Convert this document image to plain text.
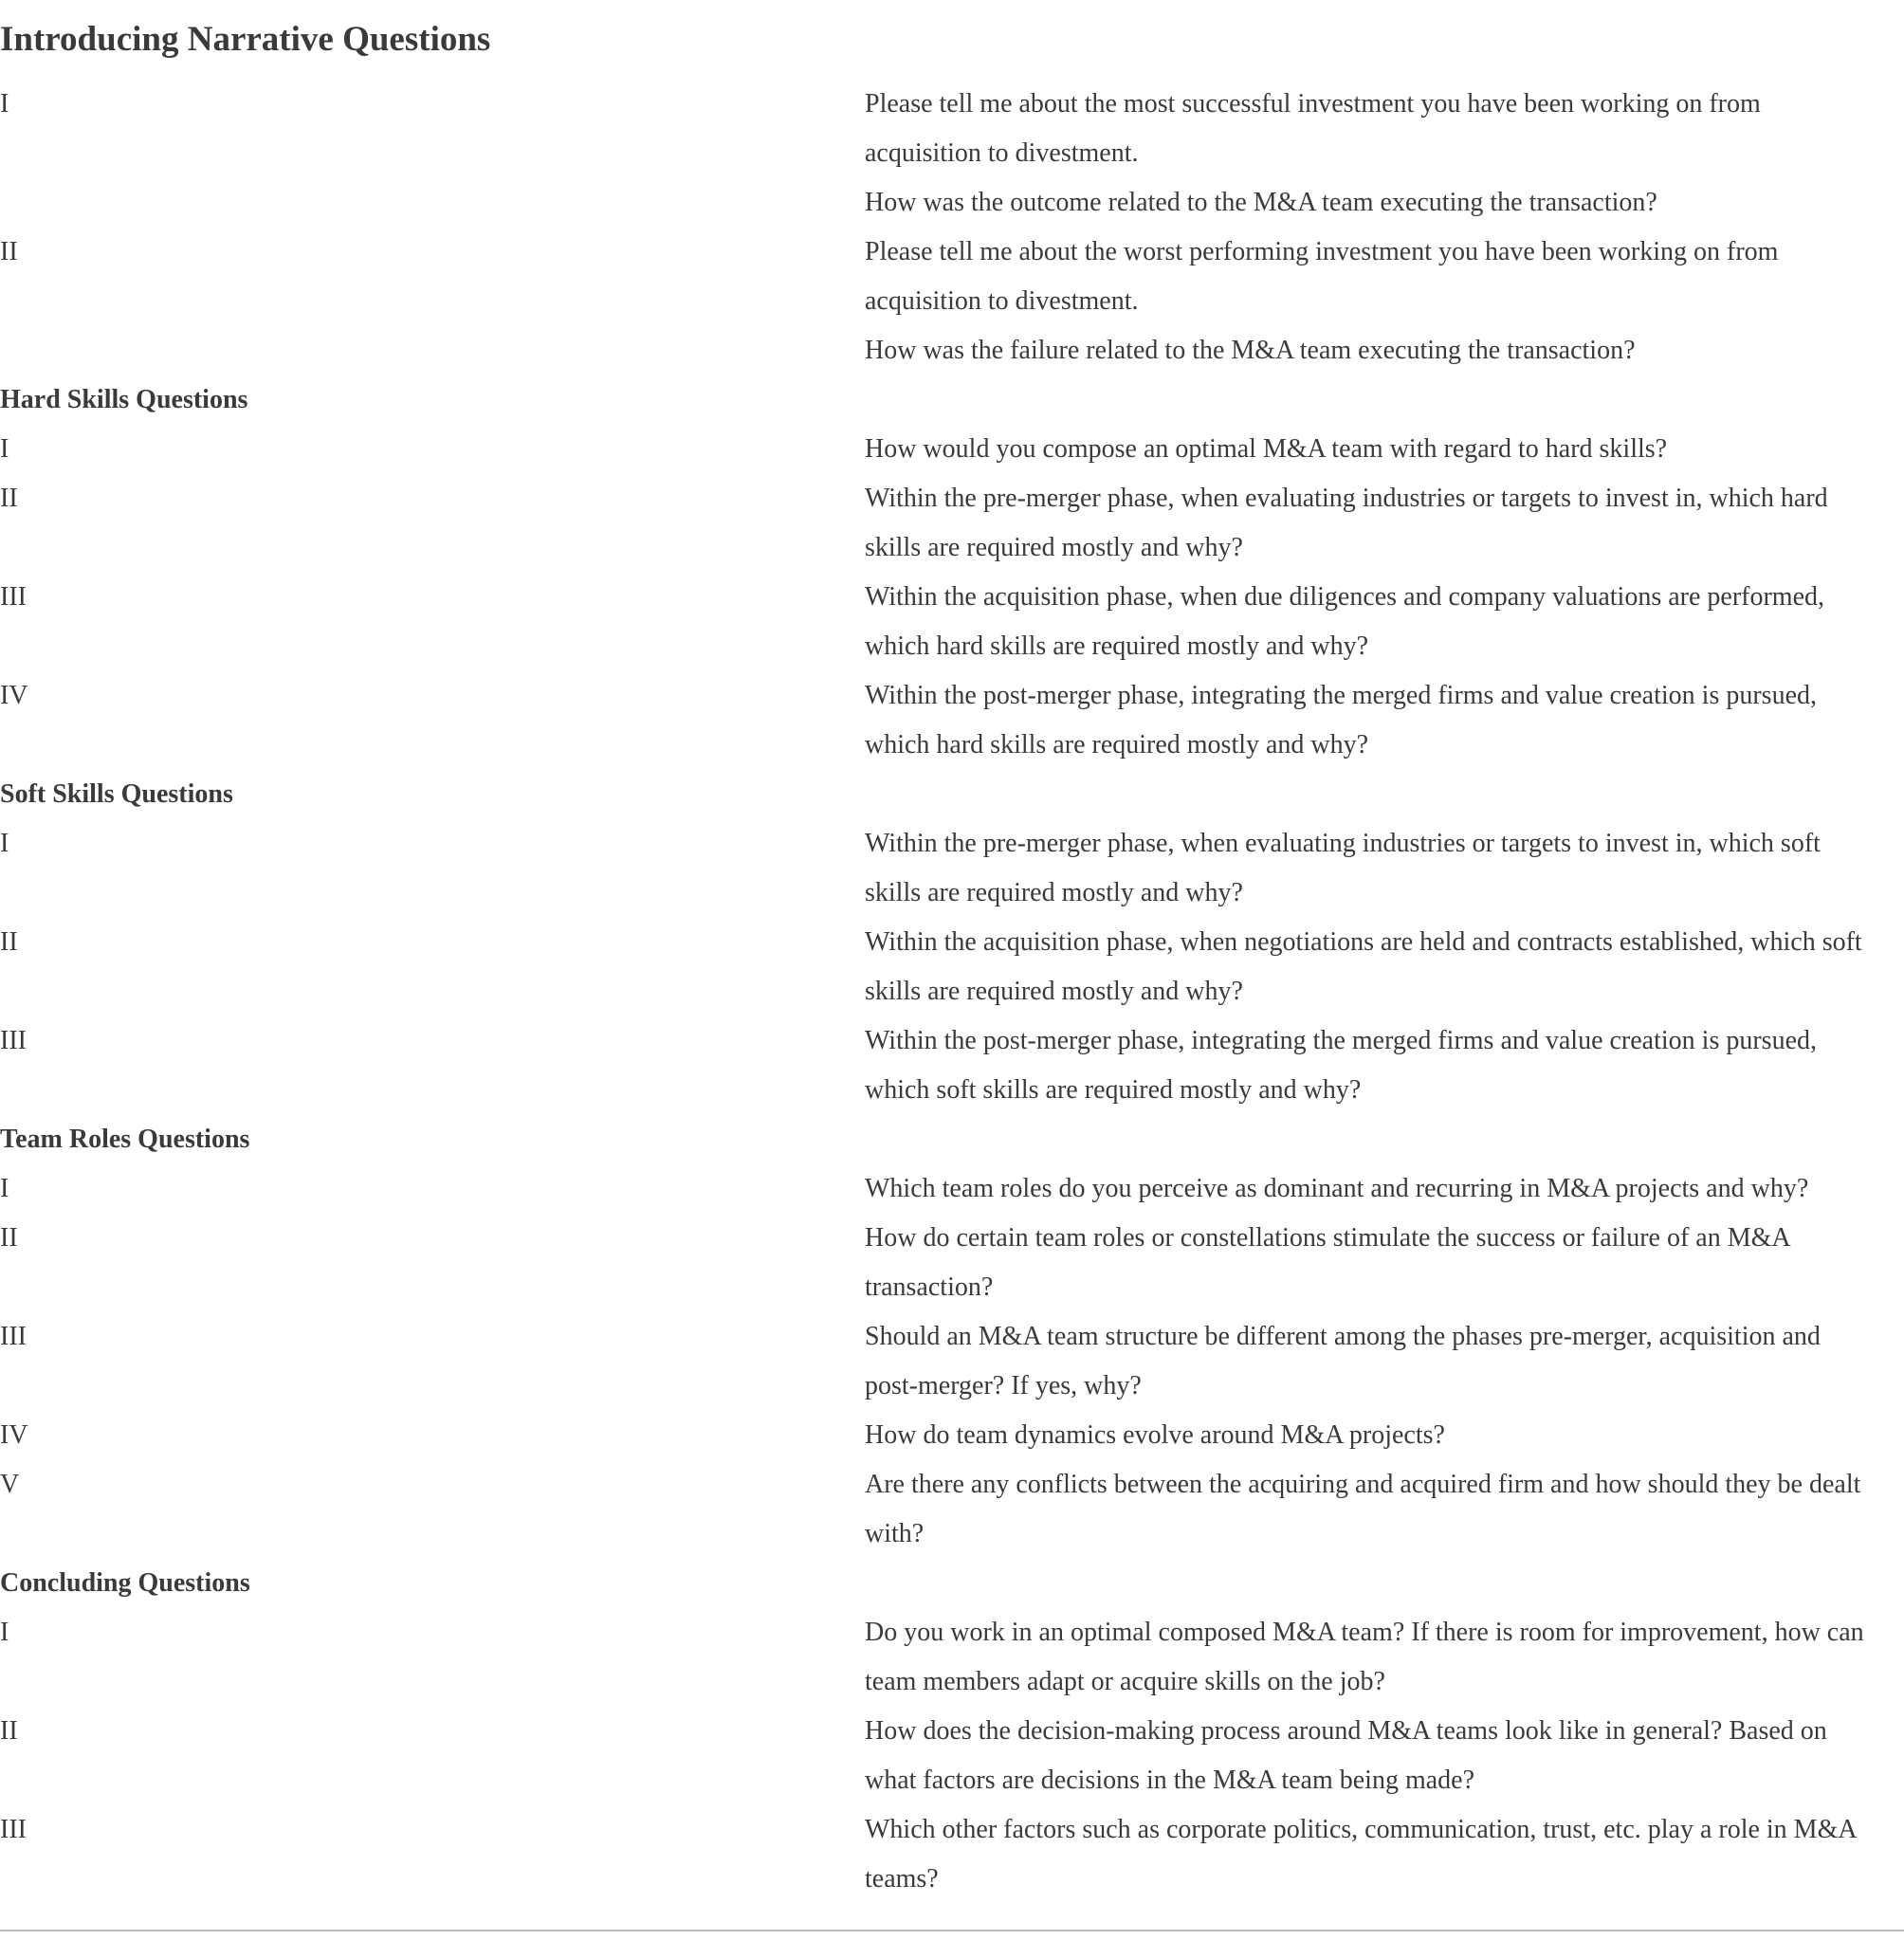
Introducing Narrative Questions
I	Please tell me about the most successful investment you have been working on from
acquisition to divestment.
How was the outcome related to the M&A team executing the transaction?
II	Please tell me about the worst performing investment you have been working on from
acquisition to divestment.
How was the failure related to the M&A team executing the transaction?
Hard Skills Questions
I	How would you compose an optimal M&A team with regard to hard skills?
II	Within the pre-merger phase, when evaluating industries or targets to invest in, which hard
skills are required mostly and why?
III	Within the acquisition phase, when due diligences and company valuations are performed,
which hard skills are required mostly and why?
IV	Within the post-merger phase, integrating the merged firms and value creation is pursued,
which hard skills are required mostly and why?
Soft Skills Questions
I	Within the pre-merger phase, when evaluating industries or targets to invest in, which soft
skills are required mostly and why?
II	Within the acquisition phase, when negotiations are held and contracts established, which soft
skills are required mostly and why?
III	Within the post-merger phase, integrating the merged firms and value creation is pursued,
which soft skills are required mostly and why?
Team Roles Questions
I	Which team roles do you perceive as dominant and recurring in M&A projects and why?
II	How do certain team roles or constellations stimulate the success or failure of an M&A
transaction?
III	Should an M&A team structure be different among the phases pre-merger, acquisition and
post-merger? If yes, why?
IV	How do team dynamics evolve around M&A projects?
V	Are there any conflicts between the acquiring and acquired firm and how should they be dealt
with?
Concluding Questions
I	Do you work in an optimal composed M&A team? If there is room for improvement, how can
team members adapt or acquire skills on the job?
II	How does the decision-making process around M&A teams look like in general? Based on
what factors are decisions in the M&A team being made?
III	Which other factors such as corporate politics, communication, trust, etc. play a role in M&A
teams?
